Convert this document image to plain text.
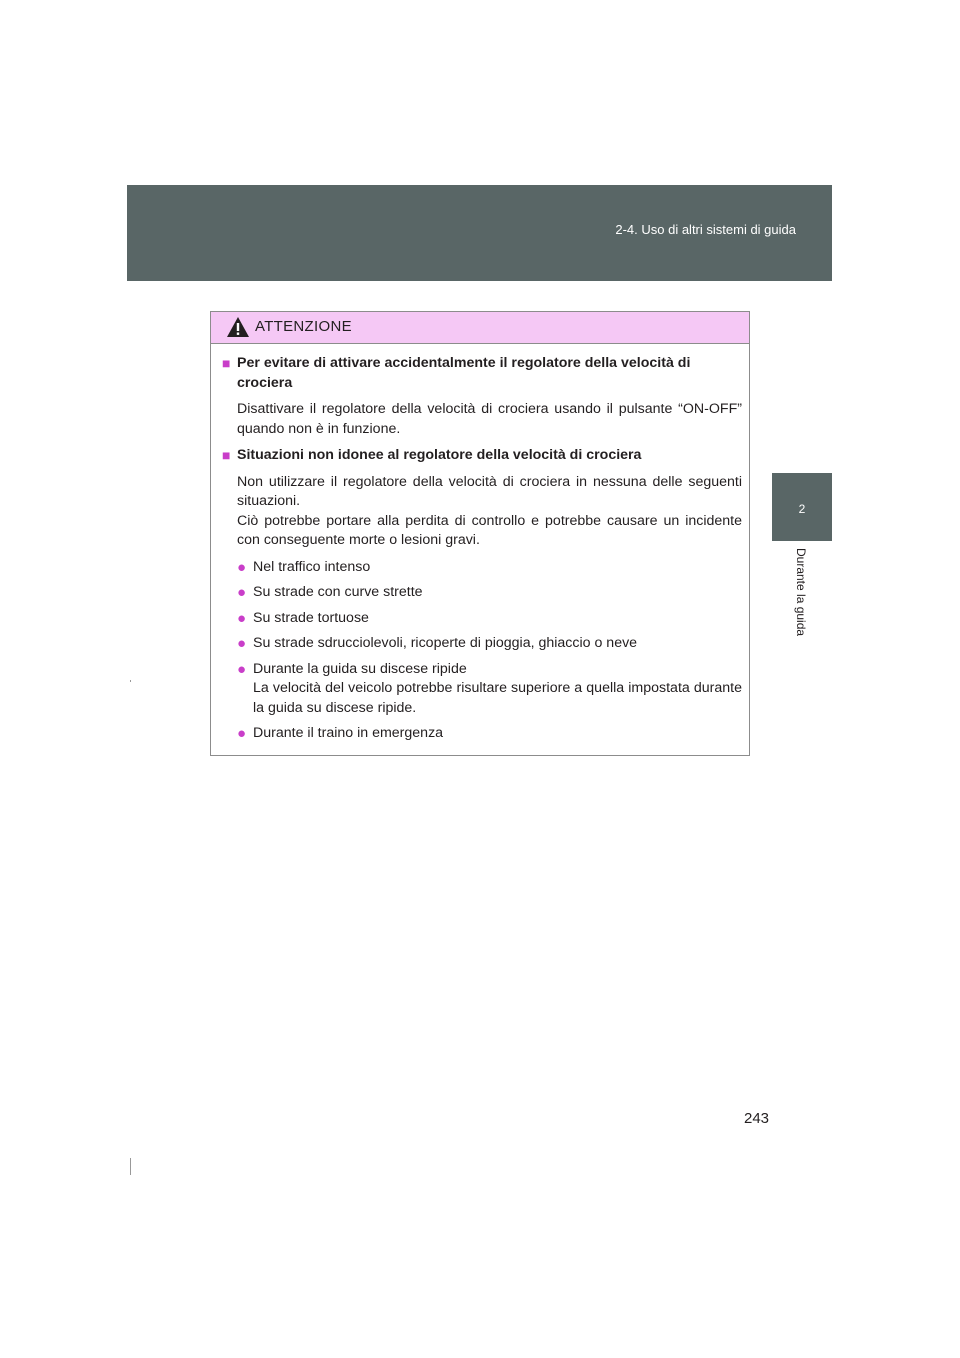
2-4. Uso di altri sistemi di guida
2
Durante la guida
ATTENZIONE
■ Per evitare di attivare accidentalmente il regolatore della velocità di crociera
Disattivare il regolatore della velocità di crociera usando il pulsante “ON-OFF” quando non è in funzione.
■ Situazioni non idonee al regolatore della velocità di crociera
Non utilizzare il regolatore della velocità di crociera in nessuna delle seguenti situazioni.
Ciò potrebbe portare alla perdita di controllo e potrebbe causare un incidente con conseguente morte o lesioni gravi.
● Nel traffico intenso
● Su strade con curve strette
● Su strade tortuose
● Su strade sdrucciolevoli, ricoperte di pioggia, ghiaccio o neve
● Durante la guida su discese ripide
La velocità del veicolo potrebbe risultare superiore a quella impostata durante la guida su discese ripide.
● Durante il traino in emergenza
243
